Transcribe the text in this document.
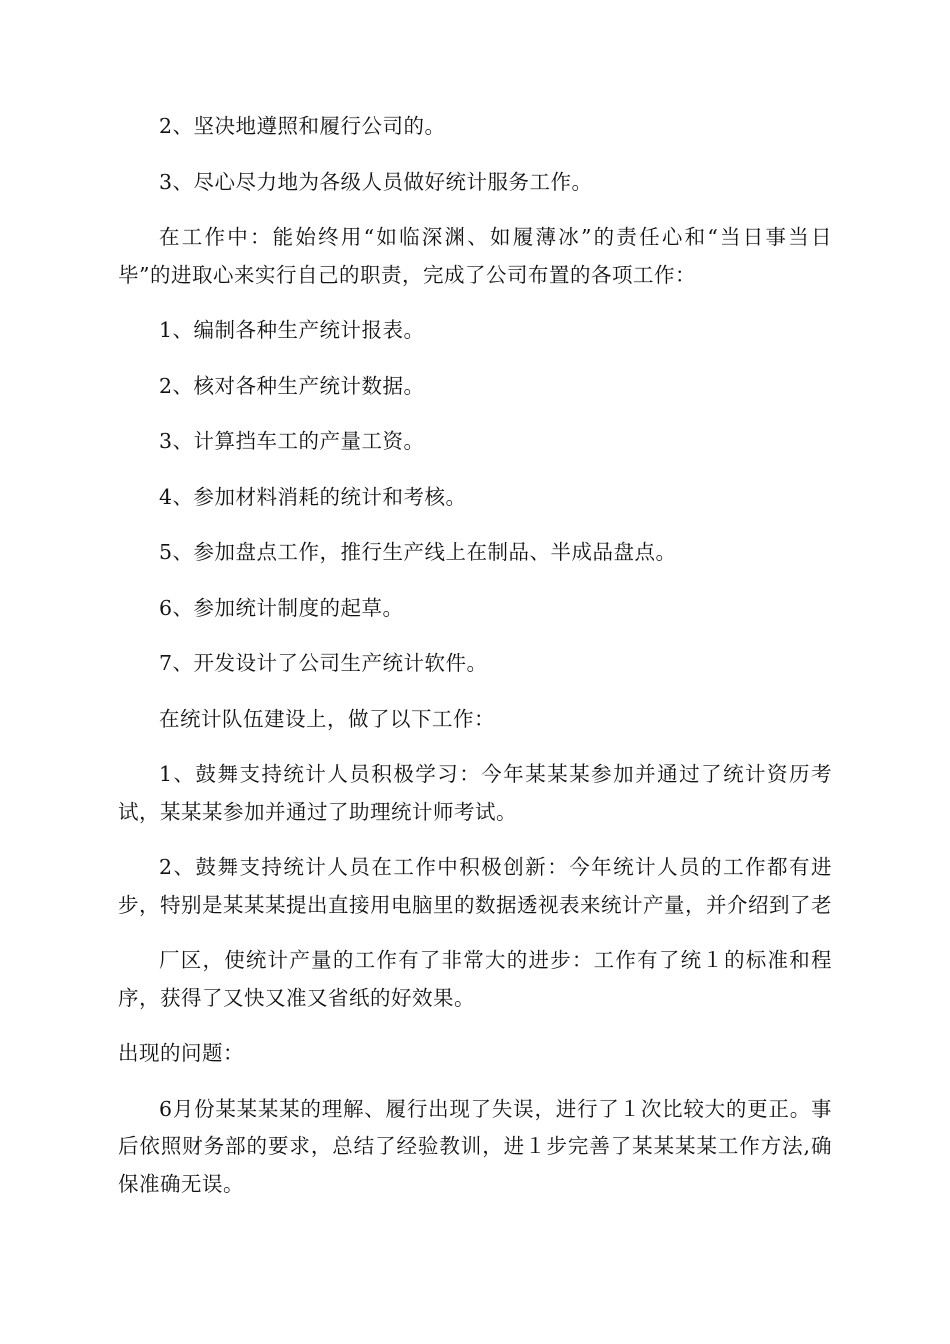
2、坚决地遵照和履行公司的。

3、尽心尽力地为各级人员做好统计服务工作。

在工作中：能始终用“如临深渊、如履薄冰”的责任心和“当日事当日毕”的进取心来实行自己的职责，完成了公司布置的各项工作：

1、编制各种生产统计报表。

2、核对各种生产统计数据。

3、计算挡车工的产量工资。

4、参加材料消耗的统计和考核。

5、参加盘点工作，推行生产线上在制品、半成品盘点。

6、参加统计制度的起草。

7、开发设计了公司生产统计软件。

在统计队伍建设上，做了以下工作：

1、鼓舞支持统计人员积极学习：今年某某某参加并通过了统计资历考试，某某某参加并通过了助理统计师考试。

2、鼓舞支持统计人员在工作中积极创新：今年统计人员的工作都有进步，特别是某某某提出直接用电脑里的数据透视表来统计产量，并介绍到了老

厂区，使统计产量的工作有了非常大的进步：工作有了统１的标准和程序，获得了又快又准又省纸的好效果。

出现的问题：

6月份某某某某的理解、履行出现了失误，进行了１次比较大的更正。事后依照财务部的要求，总结了经验教训，进１步完善了某某某某工作方法,确保准确无误。
